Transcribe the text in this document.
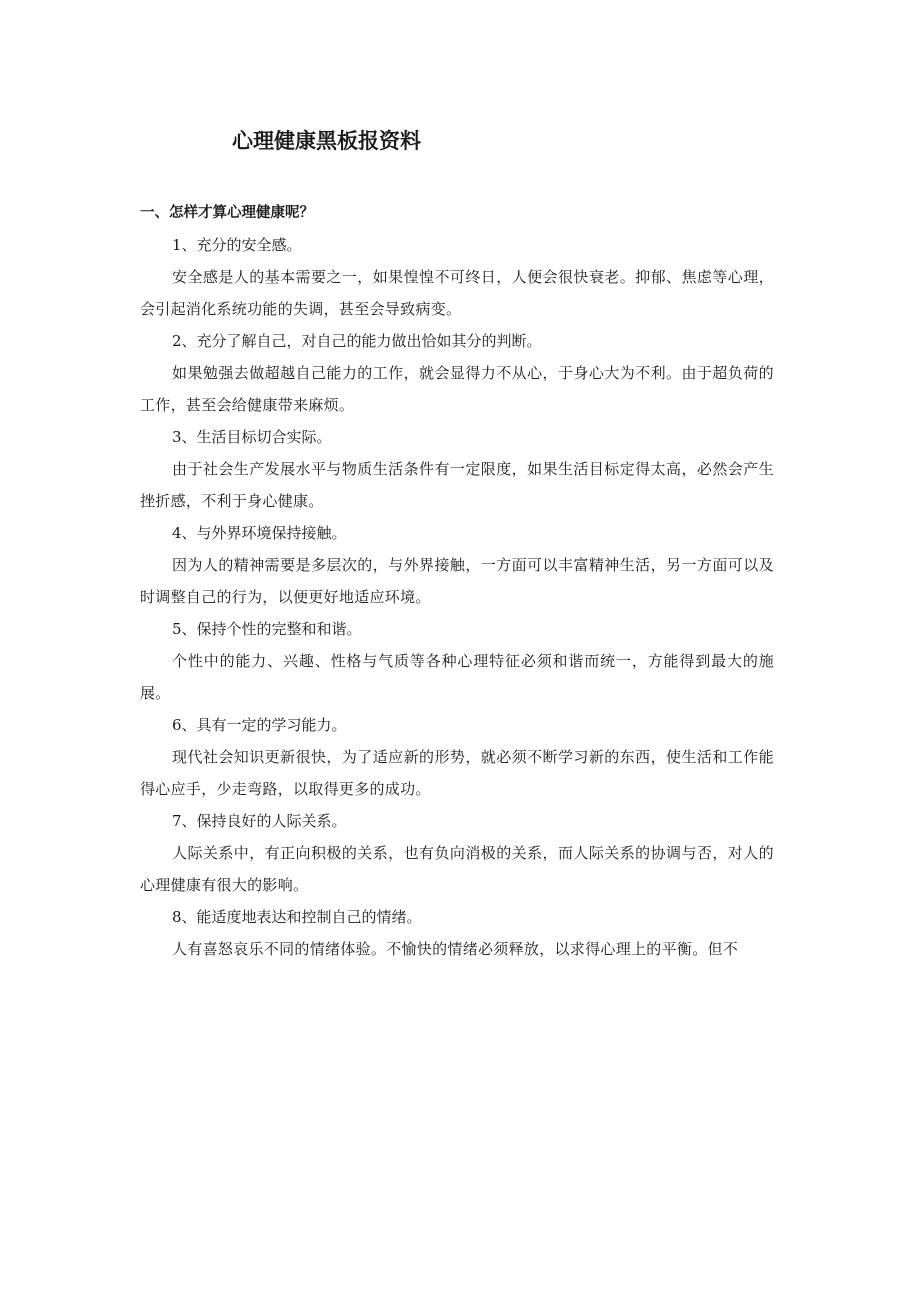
心理健康黑板报资料

一、怎样才算心理健康呢？

1、充分的安全感。

安全感是人的基本需要之一，如果惶惶不可终日，人便会很快衰老。抑郁、焦虑等心理，会引起消化系统功能的失调，甚至会导致病变。

2、充分了解自己，对自己的能力做出恰如其分的判断。

如果勉强去做超越自己能力的工作，就会显得力不从心，于身心大为不利。由于超负荷的工作，甚至会给健康带来麻烦。

3、生活目标切合实际。

由于社会生产发展水平与物质生活条件有一定限度，如果生活目标定得太高，必然会产生挫折感，不利于身心健康。

4、与外界环境保持接触。

因为人的精神需要是多层次的，与外界接触，一方面可以丰富精神生活，另一方面可以及时调整自己的行为，以便更好地适应环境。

5、保持个性的完整和和谐。

个性中的能力、兴趣、性格与气质等各种心理特征必须和谐而统一，方能得到最大的施展。

6、具有一定的学习能力。

现代社会知识更新很快，为了适应新的形势，就必须不断学习新的东西，使生活和工作能得心应手，少走弯路，以取得更多的成功。

7、保持良好的人际关系。

人际关系中，有正向积极的关系，也有负向消极的关系，而人际关系的协调与否，对人的心理健康有很大的影响。

8、能适度地表达和控制自己的情绪。

人有喜怒哀乐不同的情绪体验。不愉快的情绪必须释放，以求得心理上的平衡。但不
